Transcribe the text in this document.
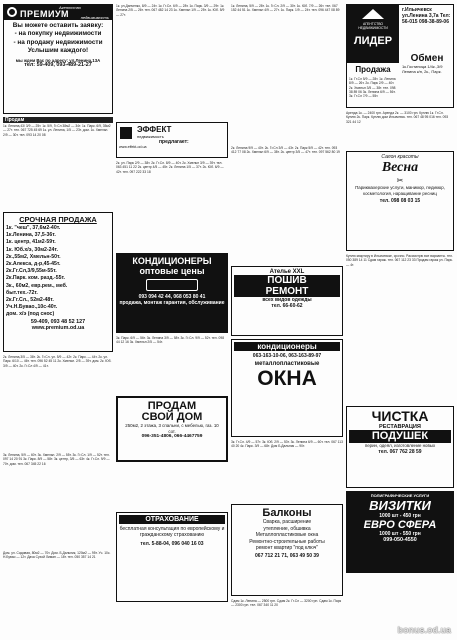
Агентство
ПРЕМИУМ	недвижимость
Вы можете оставить заявку:
- на покупку недвижимости
- на продажу недвижимости
Услышим каждого!
мы ждем Вас по адресу: ул.Ленина,13А
тел: 59-409, 093-489-21-27
Продам
1к. Ленина,43/ 3/9 — 25т. 1к. 5/9, Гг.Сл 38м2 — 34т. 1к. Парк. 6/9, 35м2 — 27т. тел. 067 725 45 69 1к. ул. Ленина, 1/5 — 23т. дом. 1к. Хмельн. 2/9 — 30т. тел. 093 14 20 08
СРОЧНАЯ ПРОДАЖА
1к. "чеш", 37,6м2-40т.
1к.Ленина, 37,5-36т.
1к. центр, 41м2-59т.
1к. Юб.х/э, 30м2-24т.
2к.,55м2, Хмельн-50т.
2к.Алекса, д-р,45-45т.
2к.Гг.Сл,3/9,55м-55т.
2к.Парк. ком. разд.-55т.
3к., 60м2, евр.рем., меб.
быт.тех.-72т.
2к.Гг.Сл., 52м2-48т.
Уч.Н.Бувао.,10с-40т.
дом. х/э (под снос)
59-409, 093 48 52 127
www.premium.od.ua
2к. Ленина,3/5 — 38т. 2к. Гг.Сл. ул. 5/9 — 42т. 2к. Парк. — 44т. 2к. ул. Парк. 6/10 — 46т. тел. 096 52 45 11 2к. Хмельн. 2/5 — 39т. дом. 2к. Юб. 3/9 — 40т. 2к. Гг.Сл 4/9 — 41т.
3к. Ленина, 5/9 — 60т. 3к. Хмельн. 2/9 — 55т. 3к. Гг.Сл. 1/9 — 52т. тел. 097 14 20 91 3к. Парк. 8/9 — 58т. 3к. центр, 3/5 — 63т. 4к. Гг.Сл. 9/9 — 70т. дом. тел. 067 345 22 16
Дом. ул. Садовая, 80м2 — 70т. Дом. Б.Дальник, 120м2 — 95т. Уч. 10с. Н.Бувао — 12т. Дача Сухой Лиман — 18т. тел. 050 357 14 21
1к. ул.Данченко, 8/9 — 24т. 1к. Гг.Сл. 6/9 — 28т. 1к. Парк. 3/9 — 29т. 1к. Ленина 2/5 — 26т. тел. 067 482 14 23 1к. Хмельн 1/9 — 25т. 1к. Юб. 5/9 — 27т.
ЭФФЕКТ
недвижимость
предлагает:
www.effekt-od.ua
2к. ул. Парк 2/9 — 38т. 2к. Гг.Сл. 8/9 — 40т. 2к. Хмельн 3/9 — 39т. тел. 063 451 11 22 2к. центр 4/5 — 45т. 2к. Ленина 1/5 — 37т. 2к. Юб. 6/9 — 42т. тел. 097 222 33 18
КОНДИЦИОНЕРЫ
оптовые цены
093 094 42 44, 068 053 80 41
продажа, монтаж гарантия, обслуживание
3к. Парк. 6/9 — 56т. 3к. Ленина 3/9 — 58т. 3к. Гг.Сл. 9/9 — 52т. тел. 098 44 12 16 3к. Хмельн 2/5 — 54т.
ПРОДАМ
СВОЙ ДОМ
250м2, 2 этажа, 3 спальни, с мебелью, газ. 10 сот.
096-351-4806, 066-4467759
ОТРАХОВАНИЕ
бесплатная консультация по европейскому и гражданскому страхованию
тел. 5-88-04, 096 040 16 03
1к. Ленина, 5/9 — 28т. 1к. Гг.Сл. 2/9 — 30т. 1к. Юб. 7/9 — 26т. тел. 067 152 44 51 1к. Хмельн 4/9 — 27т. 1к. Парк. 1/9 — 24т. тел. 096 447 08 89
2к. Ленина 9/9 — 40т. 2к. Гг.Сл 3/9 — 43т. 2к. Парк 5/9 — 42т. тел. 093 412 77 08 2к. Хмельн 6/9 — 38т. 2к. центр 3/5 — 47т. тел. 097 562 80 19
Ателье ХХL
ПОШИВ
РЕМОНТ
всех видов одежды
тел. 66-60-62
кондиционеры
063-163-10-06, 063-163-89-97
металлопластиковые
ОКНА
3к. Гг.Сл. 4/9 — 57т. 3к. Юб. 2/9 — 53т. 3к. Ленина 6/9 — 60т. тел. 067 113 40 20 4к. Парк. 3/9 — 68т. Дом Б.Дальник — 90т.
Балконы
Сварка, расширение
утепление, обшивка
Металлопластиковые окна
Ремонтно-строительные работы
ремонт квартир "под ключ"
067 712 21 71, 063 49 50 39
Сдам 1к. Ленина — 2500 грн. Сдам 2к. Гг.Сл — 3200 грн. Сдам 1к. Парк — 2300 грн. тел. 067 340 11 20
АГЕНТСТВО НЕДВИЖИМОСТИ
ЛИДЕР
г.Ильичевск ул.Ленина 3,7а Тел: 56-015 098-38-89-06
Продажа
1к. Гг.Сл 5/9 — 28т. 1к. Ленина 8/9 — 26т. 2к. Парк 2/9 — 40т. 2к. Хмельн 3/5 — 38т. тел. 098 38 89 06 3к. Ленина 6/9 — 56т. 3к. Гг.Сл 7/9 — 55т.
Обмен
1к.Гостиница 1/4к.,3/9 Ленина к/п, 2к., Парк.
Аренда 1к. — 2400 грн. Аренда 2к. — 3100 грн. Куплю 1к. Гг.Сл. Куплю 2к. Парк. Куплю дом Ильичевск. тел. 067 48 95 016 тел. 093 321 44 12
Салон красоты
Весна
✂
Парикмахерские услуги, маникюр, педикюр, косметология, наращивание ресниц
тел. 098 08 03 15
Куплю квартиру в Ильичевске, срочно. Рассмотрю все варианты. тел. 050 389 14 11 Сдам гараж. тел. 067 112 23 33 Продам гараж ул. Парк. — 4т.
ЧИСТКА
РЕСТАВРАЦИЯ
ПОДУШЕК
перин, одеял, изготовление новых
тел. 067 762 28 59
ПОЛИГРАФИЧЕСКИЕ УСЛУГИ
ВИЗИТКИ
1000 шт - 450 грн
ЕВРО СФЕРА
1000 шт - 550 грн
099-050-4550
bonus.od.ua
